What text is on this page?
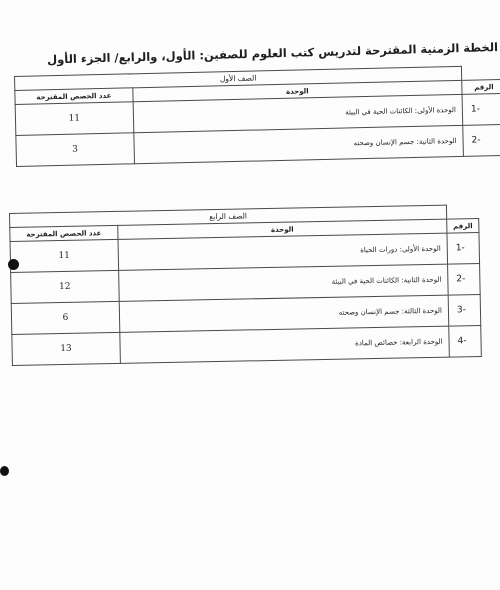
الخطة الزمنية المقترحة لتدريس كتب العلوم للصفين: الأول، والرابع/ الجزء الأول
الصف الأول		
عدد الحصص المقترحة	الوحدة	الرقم
11	الوحدة الأولى: الكائنات الحية في البيئة	1-
3	الوحدة الثانية: جسم الإنسان وصحته	2-
الصف الرابع		
عدد الحصص المقترحة	الوحدة	الرقم
11	الوحدة الأولى: دورات الحياة	1-
12	الوحدة الثانية: الكائنات الحية في البيئة	2-
6	الوحدة الثالثة: جسم الإنسان وصحته	3-
13	الوحدة الرابعة: خصائص المادة	4-
